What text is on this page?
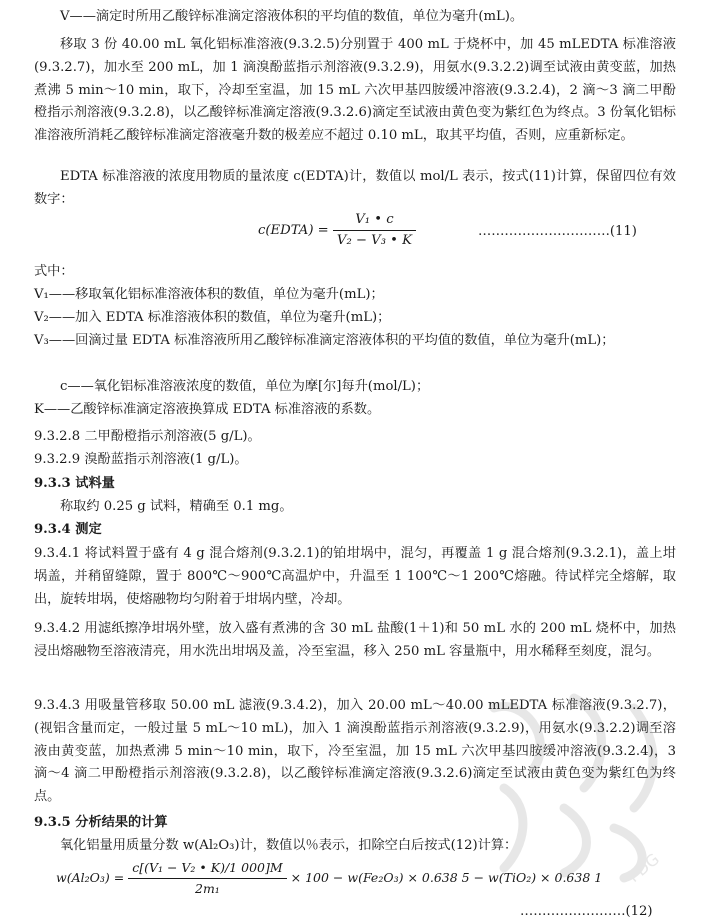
V——滴定时所用乙酸锌标准滴定溶液体积的平均值的数值，单位为毫升(mL)。
移取 3 份 40.00 mL 氧化铝标准溶液(9.3.2.5)分别置于 400 mL 于烧杯中，加 45 mLEDTA 标准溶液(9.3.2.7)，加水至 200 mL，加 1 滴溴酚蓝指示剂溶液(9.3.2.9)，用氨水(9.3.2.2)调至试液由黄变蓝，加热煮沸 5 min～10 min，取下，冷却至室温，加 15 mL 六次甲基四胺缓冲溶液(9.3.2.4)，2 滴～3 滴二甲酚橙指示剂溶液(9.3.2.8)，以乙酸锌标准滴定溶液(9.3.2.6)滴定至试液由黄色变为紫红色为终点。3 份氧化铝标准溶液所消耗乙酸锌标准滴定溶液毫升数的极差应不超过 0.10 mL，取其平均值，否则，应重新标定。
EDTA 标准溶液的浓度用物质的量浓度 c(EDTA)计，数值以 mol/L 表示，按式(11)计算，保留四位有效数字：
c(EDTA) = $\frac{\text{V₁ • c}}{\text{V₂ − V₃ • K}}$	…………………………(11)
式中：
V₁——移取氧化铝标准溶液体积的数值，单位为毫升(mL)；
V₂——加入 EDTA 标准溶液体积的数值，单位为毫升(mL)；
V₃——回滴过量 EDTA 标准溶液所用乙酸锌标准滴定溶液体积的平均值的数值，单位为毫升(mL)；
c——氧化铝标准溶液浓度的数值，单位为摩[尔]每升(mol/L)；
K——乙酸锌标准滴定溶液换算成 EDTA 标准溶液的系数。
9.3.2.8 二甲酚橙指示剂溶液(5 g/L)。
9.3.2.9 溴酚蓝指示剂溶液(1 g/L)。
9.3.3 试料量
称取约 0.25 g 试料，精确至 0.1 mg。
9.3.4 测定
9.3.4.1 将试料置于盛有 4 g 混合熔剂(9.3.2.1)的铂坩埚中，混匀，再覆盖 1 g 混合熔剂(9.3.2.1)，盖上坩埚盖，并稍留缝隙，置于 800℃～900℃高温炉中，升温至 1 100℃～1 200℃熔融。待试样完全熔解，取出，旋转坩埚，使熔融物均匀附着于坩埚内壁，冷却。
9.3.4.2 用滤纸擦净坩埚外壁，放入盛有煮沸的含 30 mL 盐酸(1＋1)和 50 mL 水的 200 mL 烧杯中，加热浸出熔融物至溶液清亮，用水洗出坩埚及盖，冷至室温，移入 250 mL 容量瓶中，用水稀释至刻度，混匀。
9.3.4.3 用吸量管移取 50.00 mL 滤液(9.3.4.2)，加入 20.00 mL～40.00 mLEDTA 标准溶液(9.3.2.7)，(视铝含量而定，一般过量 5 mL～10 mL)，加入 1 滴溴酚蓝指示剂溶液(9.3.2.9)，用氨水(9.3.2.2)调至溶液由黄变蓝，加热煮沸 5 min～10 min，取下，冷至室温，加 15 mL 六次甲基四胺缓冲溶液(9.3.2.4)，3 滴～4 滴二甲酚橙指示剂溶液(9.3.2.8)，以乙酸锌标准滴定溶液(9.3.2.6)滴定至试液由黄色变为紫红色为终点。
9.3.5 分析结果的计算
氧化铝量用质量分数 w(Al₂O₃)计，数值以％表示，扣除空白后按式(12)计算：
$w(Al_2O_3) = \frac{\text{c[(V₁ − V₂ • K)/1 000]M}}{\text{2m₁}} \times 100 - w(Fe_2O_3) \times 0.638$ 5 − w(TiO₂) × 0.638 1
……………………(12)
PDG
